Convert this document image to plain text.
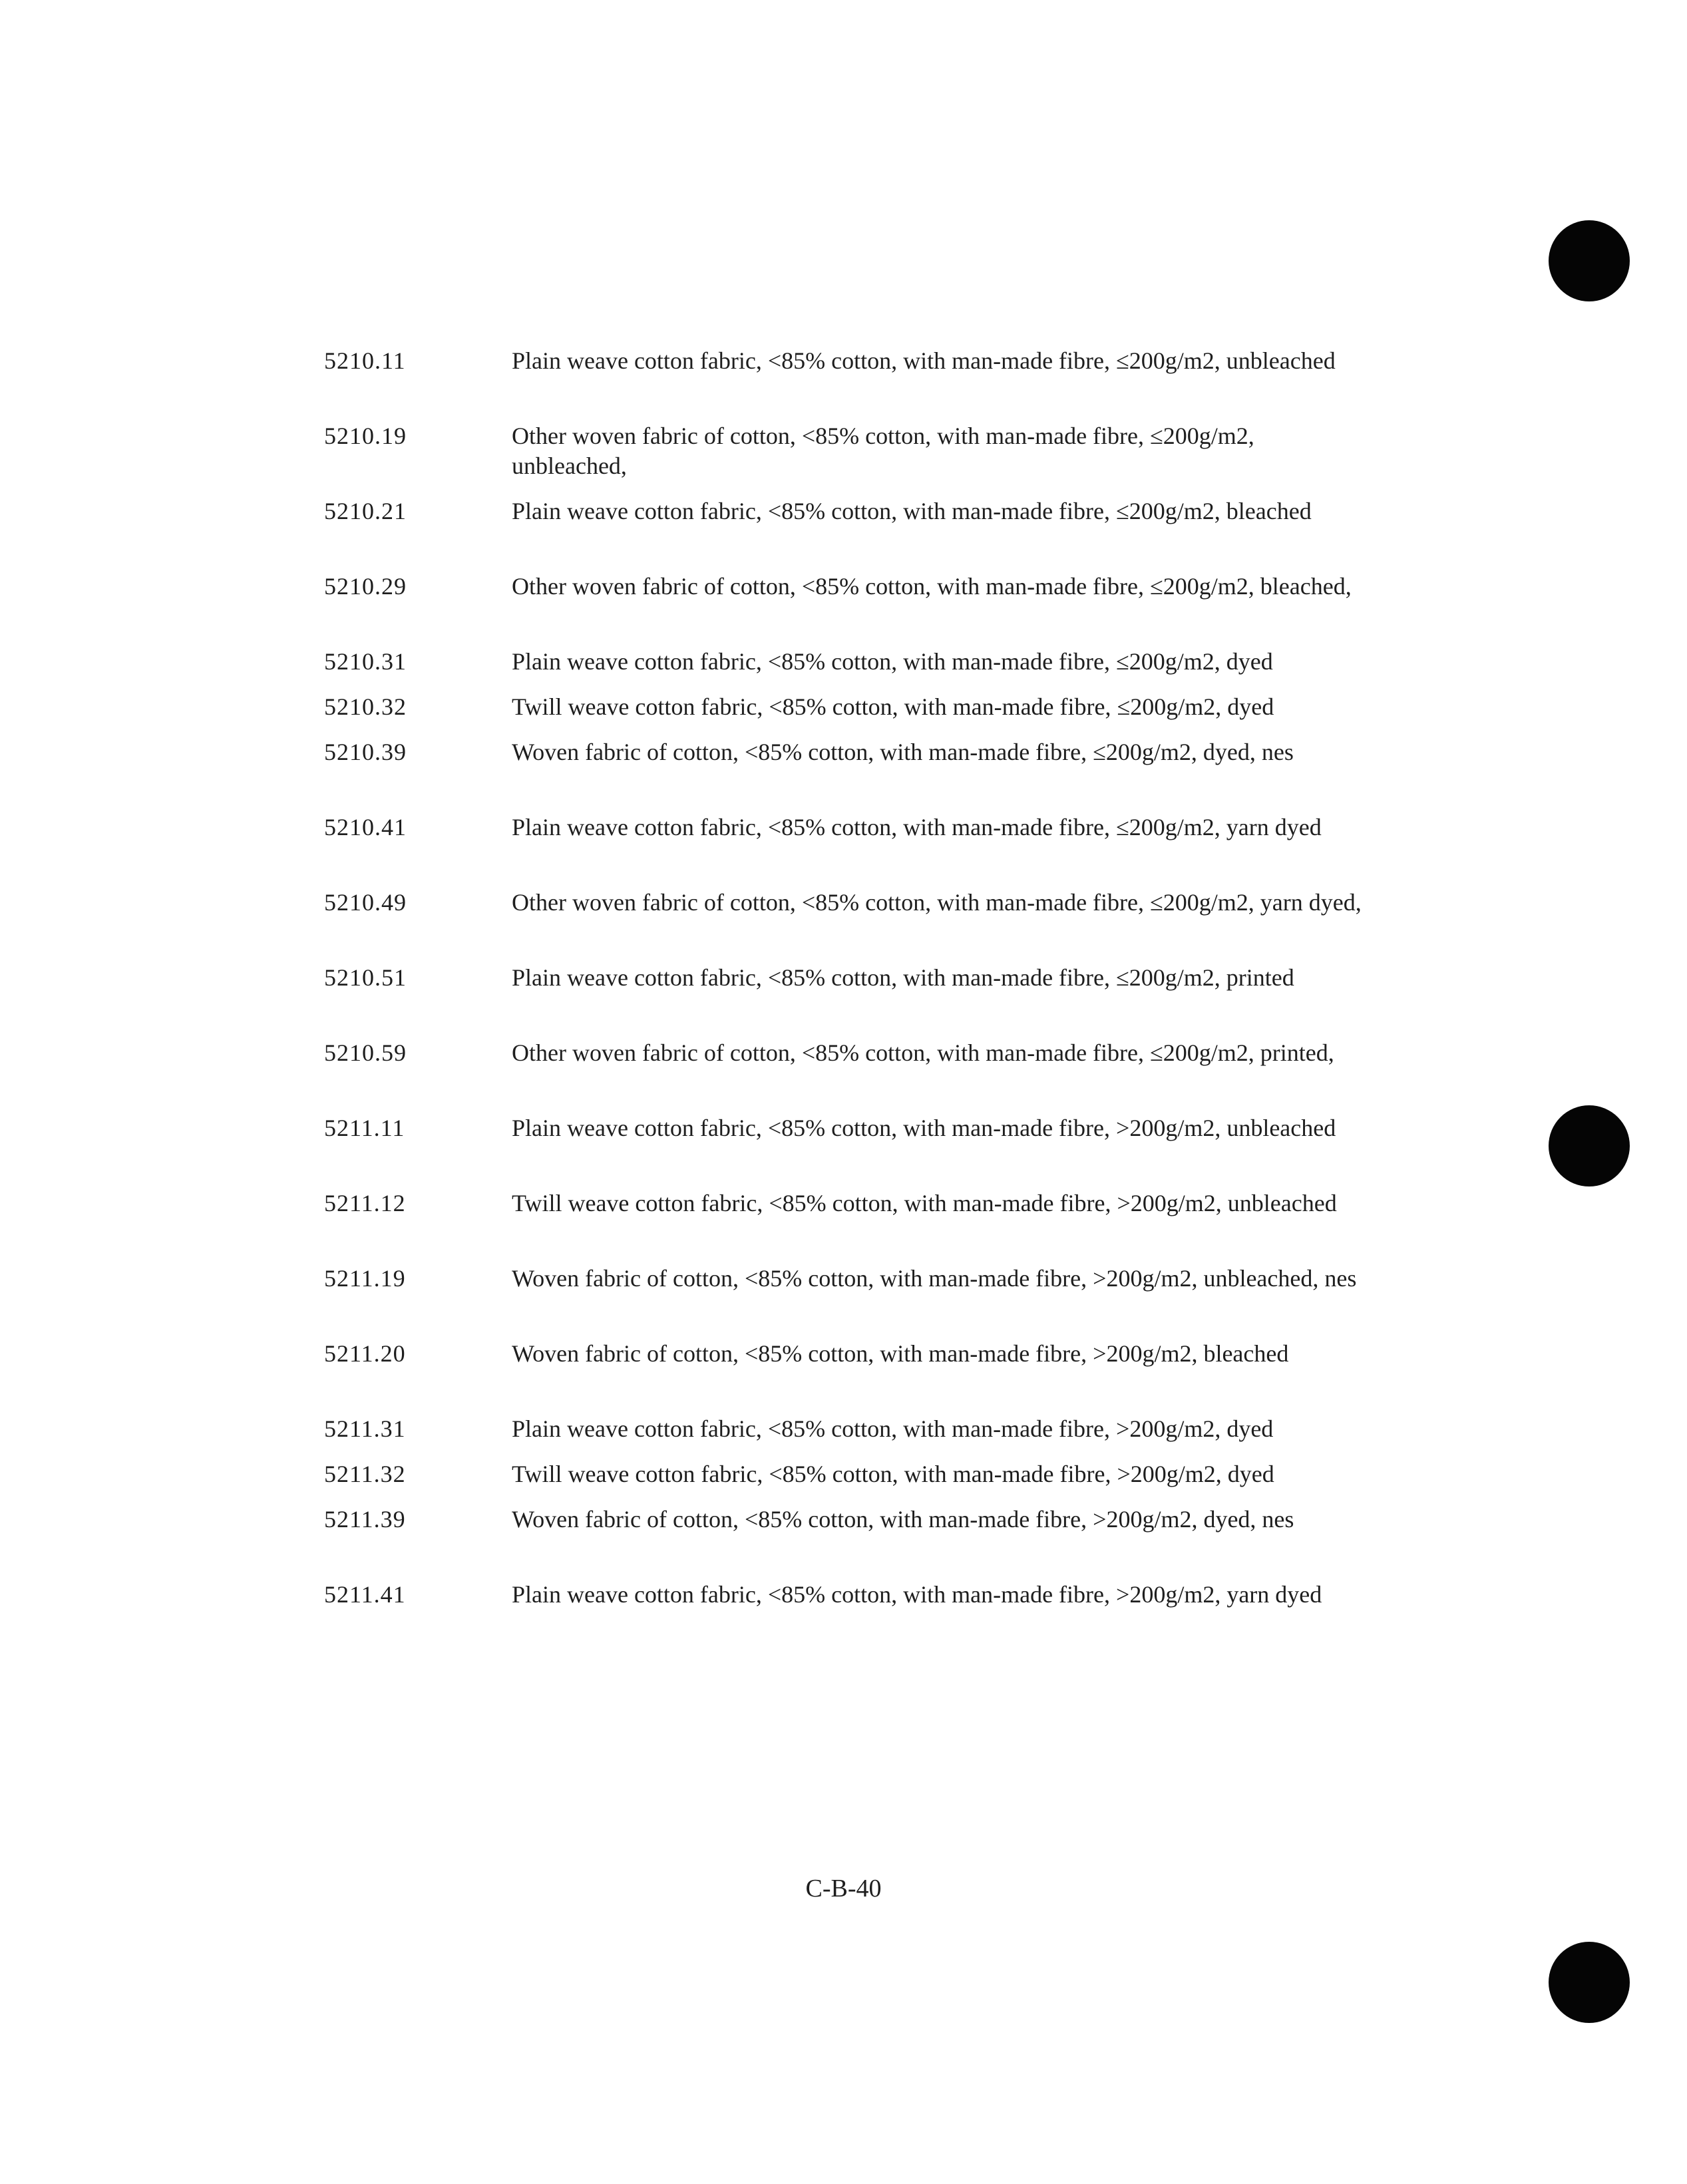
5210.11	Plain weave cotton fabric, <85% cotton, with man-made fibre, ≤200g/m2, unbleached
5210.19	Other woven fabric of cotton, <85% cotton, with man-made fibre, ≤200g/m2, unbleached,
5210.21	Plain weave cotton fabric, <85% cotton, with man-made fibre, ≤200g/m2, bleached
5210.29	Other woven fabric of cotton, <85% cotton, with man-made fibre, ≤200g/m2, bleached,
5210.31	Plain weave cotton fabric, <85% cotton, with man-made fibre, ≤200g/m2, dyed
5210.32	Twill weave cotton fabric, <85% cotton, with man-made fibre, ≤200g/m2, dyed
5210.39	Woven fabric of cotton, <85% cotton, with man-made fibre, ≤200g/m2, dyed, nes
5210.41	Plain weave cotton fabric, <85% cotton, with man-made fibre, ≤200g/m2, yarn dyed
5210.49	Other woven fabric of cotton, <85% cotton, with man-made fibre, ≤200g/m2, yarn dyed,
5210.51	Plain weave cotton fabric, <85% cotton, with man-made fibre, ≤200g/m2, printed
5210.59	Other woven fabric of cotton, <85% cotton, with man-made fibre, ≤200g/m2, printed,
5211.11	Plain weave cotton fabric, <85% cotton, with man-made fibre, >200g/m2, unbleached
5211.12	Twill weave cotton fabric, <85% cotton, with man-made fibre, >200g/m2, unbleached
5211.19	Woven fabric of cotton, <85% cotton, with man-made fibre, >200g/m2, unbleached, nes
5211.20	Woven fabric of cotton, <85% cotton, with man-made fibre, >200g/m2, bleached
5211.31	Plain weave cotton fabric, <85% cotton, with man-made fibre, >200g/m2, dyed
5211.32	Twill weave cotton fabric, <85% cotton, with man-made fibre, >200g/m2, dyed
5211.39	Woven fabric of cotton, <85% cotton, with man-made fibre, >200g/m2, dyed, nes
5211.41	Plain weave cotton fabric, <85% cotton, with man-made fibre, >200g/m2, yarn dyed
C-B-40
